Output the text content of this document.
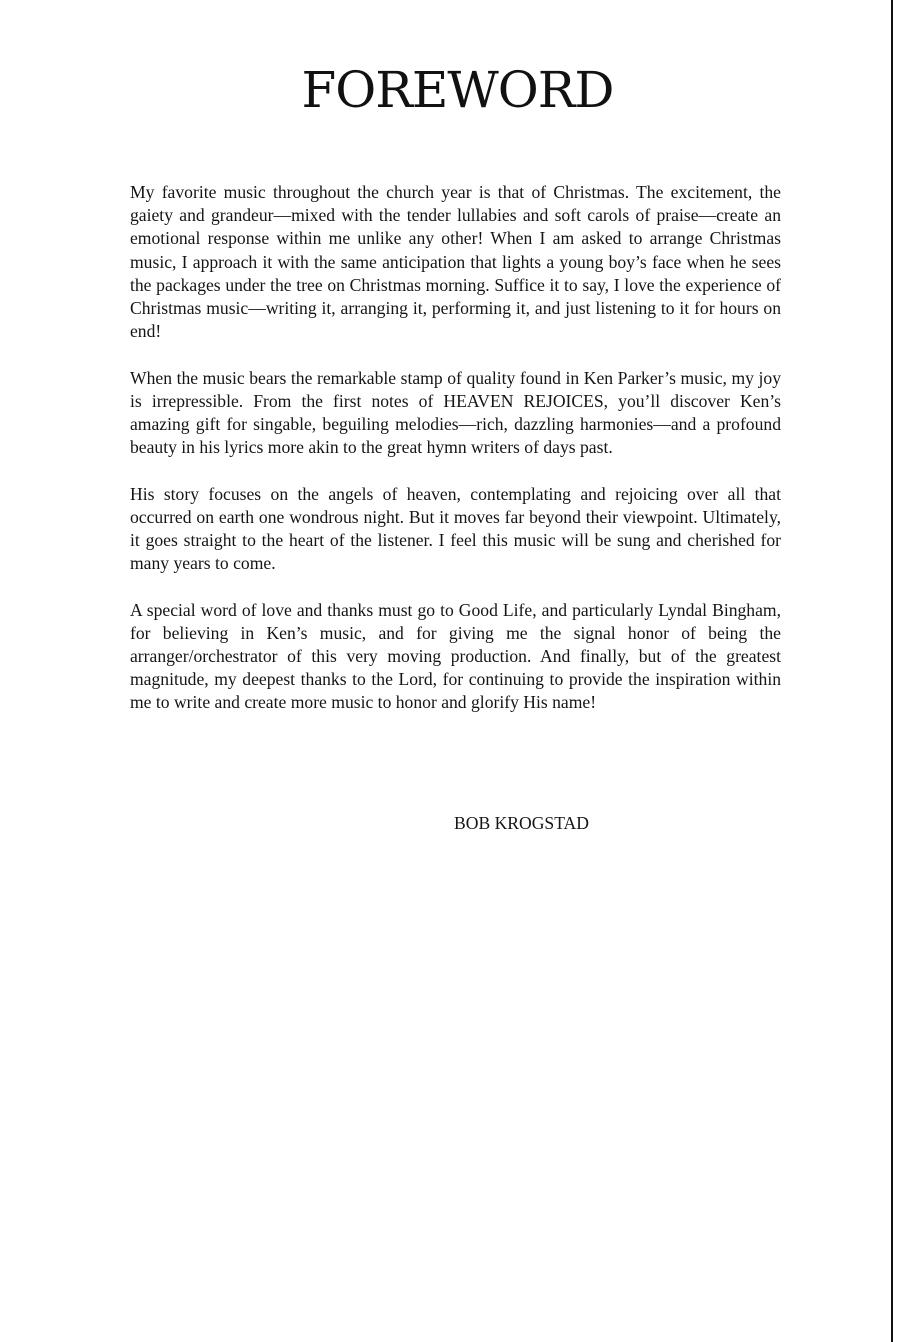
FOREWORD

My favorite music throughout the church year is that of Christmas. The excitement, the gaiety and grandeur—mixed with the tender lullabies and soft carols of praise—create an emotional response within me unlike any other! When I am asked to arrange Christmas music, I approach it with the same anticipation that lights a young boy’s face when he sees the packages under the tree on Christmas morning. Suffice it to say, I love the experience of Christmas music—writing it, arranging it, performing it, and just listening to it for hours on end!

When the music bears the remarkable stamp of quality found in Ken Parker’s music, my joy is irrepressible. From the first notes of HEAVEN REJOICES, you’ll discover Ken’s amazing gift for singable, beguiling melodies—rich, dazzling harmonies—and a profound beauty in his lyrics more akin to the great hymn writers of days past.

His story focuses on the angels of heaven, contemplating and rejoicing over all that occurred on earth one wondrous night. But it moves far beyond their viewpoint. Ultimately, it goes straight to the heart of the listener. I feel this music will be sung and cherished for many years to come.

A special word of love and thanks must go to Good Life, and particularly Lyndal Bingham, for believing in Ken’s music, and for giving me the signal honor of being the arranger/orchestrator of this very moving production. And finally, but of the greatest magnitude, my deepest thanks to the Lord, for continuing to provide the inspiration within me to write and create more music to honor and glorify His name!

BOB KROGSTAD
